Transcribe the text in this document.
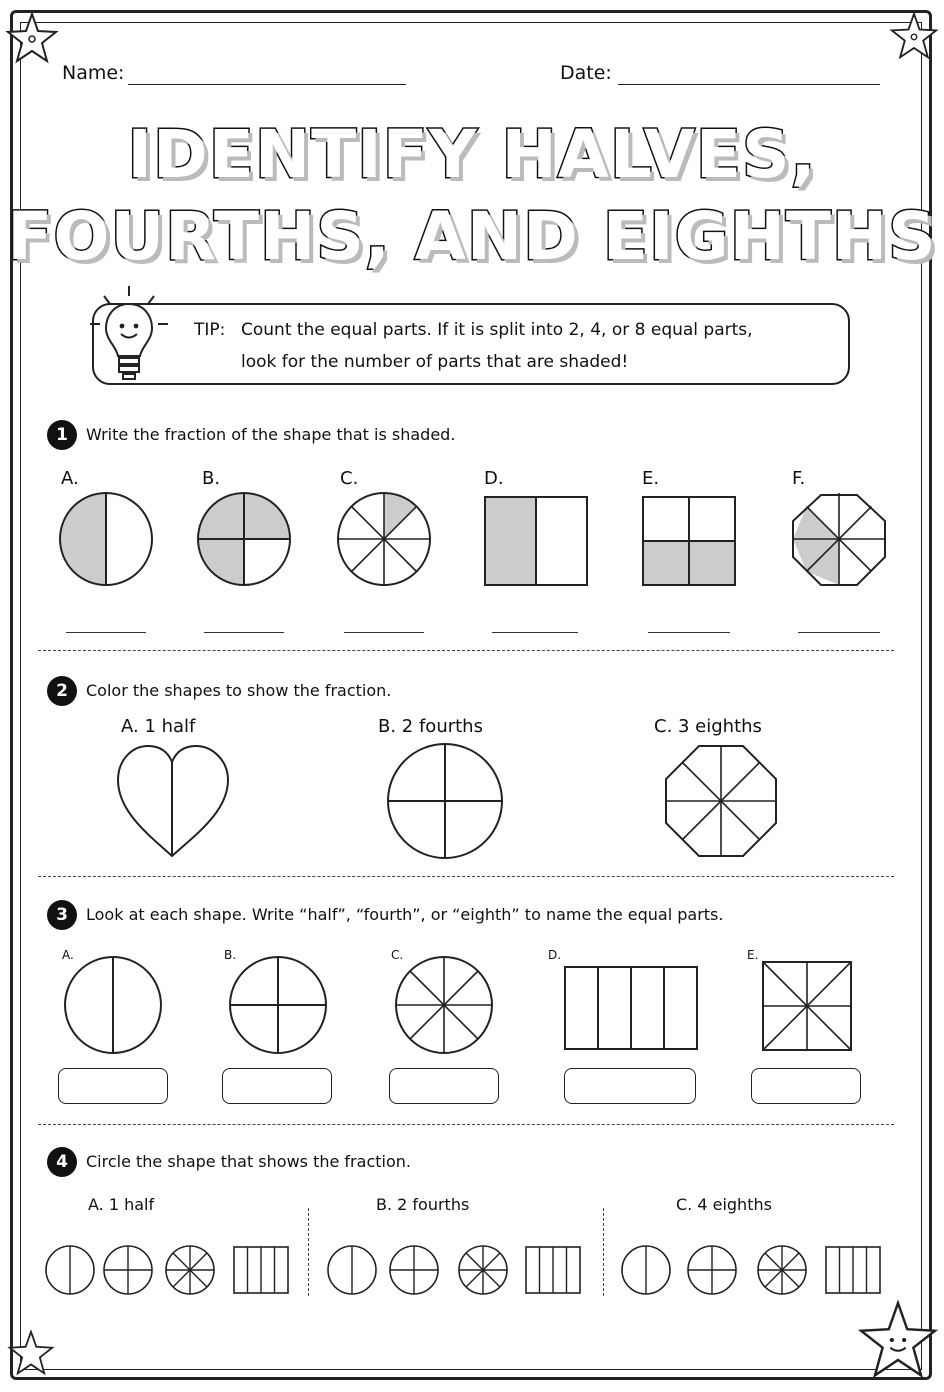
Name:	Date:
IDENTIFY HALVES,
FOURTHS, AND EIGHTHS
TIP: Count the equal parts. If it is split into 2, 4, or 8 equal parts,
look for the number of parts that are shaded!
1	Write the fraction of the shape that is shaded.
A.	B.	C.	D.	E.	F.
2	Color the shapes to show the fraction.
A. 1 half	B. 2 fourths	C. 3 eighths
3	Look at each shape. Write “half”, “fourth”, or “eighth” to name the equal parts.
A.	B.	C.	D.	E.
4	Circle the shape that shows the fraction.
A. 1 half	B. 2 fourths	C. 4 eighths
